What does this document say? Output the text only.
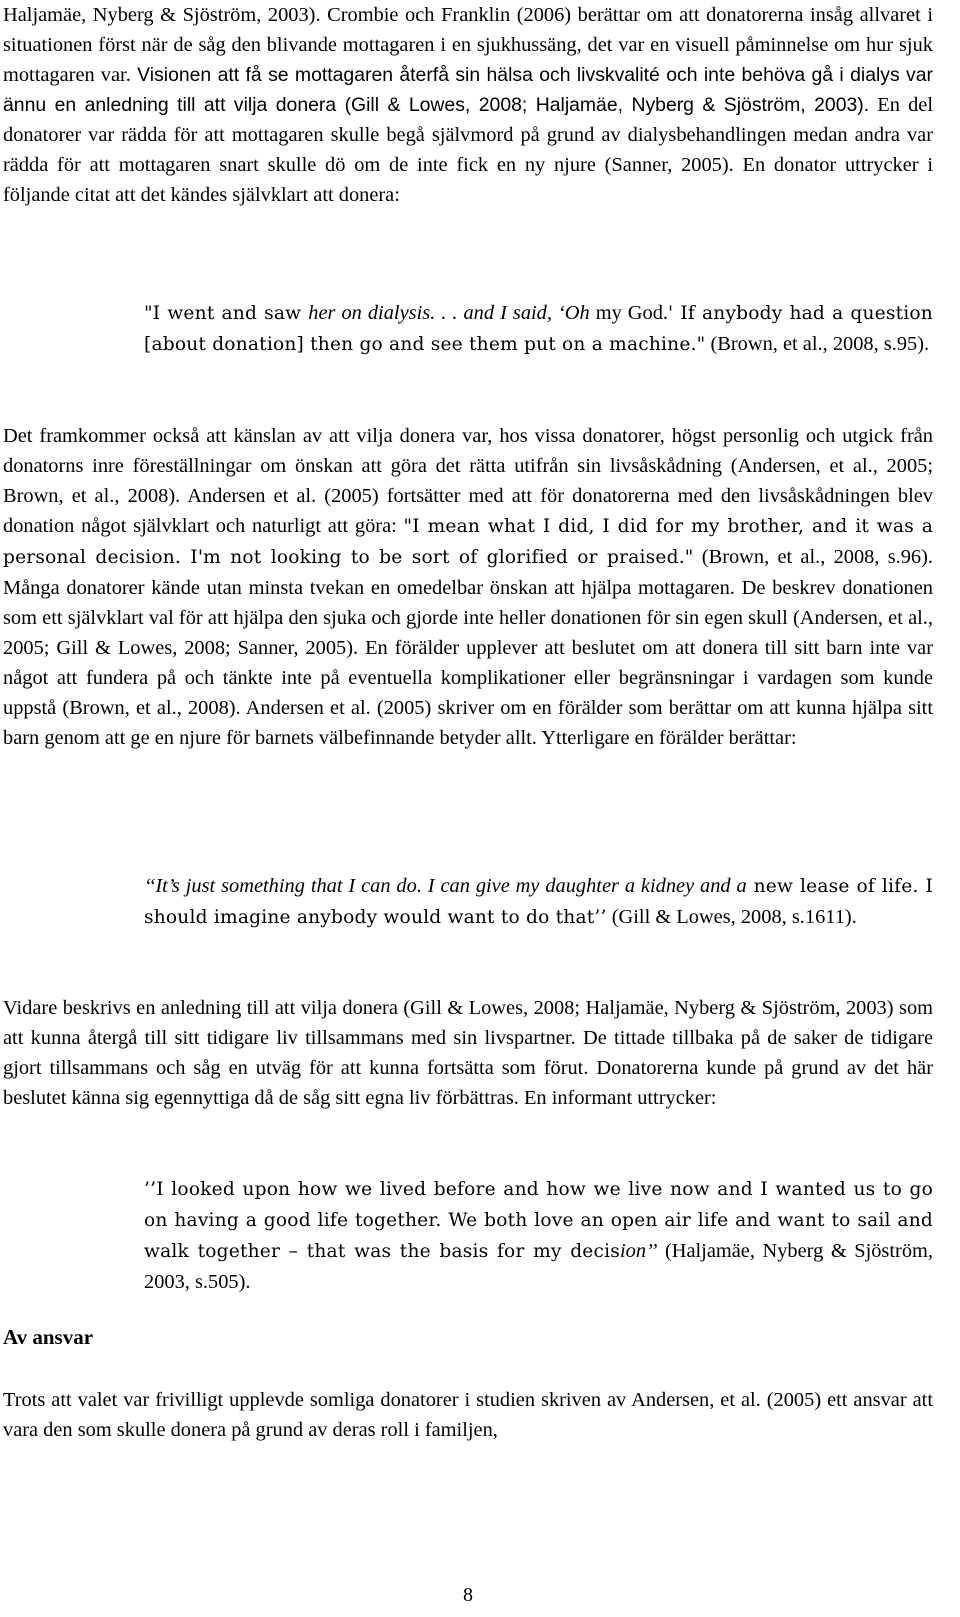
Haljamäe, Nyberg & Sjöström, 2003). Crombie och Franklin (2006) berättar om att donatorerna insåg allvaret i situationen först när de såg den blivande mottagaren i en sjukhussäng, det var en visuell påminnelse om hur sjuk mottagaren var. Visionen att få se mottagaren återfå sin hälsa och livskvalité och inte behöva gå i dialys var ännu en anledning till att vilja donera (Gill & Lowes, 2008; Haljamäe, Nyberg & Sjöström, 2003). En del donatorer var rädda för att mottagaren skulle begå självmord på grund av dialysbehandlingen medan andra var rädda för att mottagaren snart skulle dö om de inte fick en ny njure (Sanner, 2005). En donator uttrycker i följande citat att det kändes självklart att donera:

"I went and saw her on dialysis. . . and I said, ‘Oh my God.' If anybody had a question [about donation] then go and see them put on a machine." (Brown, et al., 2008, s.95).

Det framkommer också att känslan av att vilja donera var, hos vissa donatorer, högst personlig och utgick från donatorns inre föreställningar om önskan att göra det rätta utifrån sin livsåskådning (Andersen, et al., 2005; Brown, et al., 2008). Andersen et al. (2005) fortsätter med att för donatorerna med den livsåskådningen blev donation något självklart och naturligt att göra: "I mean what I did, I did for my brother, and it was a personal decision. I'm not looking to be sort of glorified or praised." (Brown, et al., 2008, s.96). Många donatorer kände utan minsta tvekan en omedelbar önskan att hjälpa mottagaren. De beskrev donationen som ett självklart val för att hjälpa den sjuka och gjorde inte heller donationen för sin egen skull (Andersen, et al., 2005; Gill & Lowes, 2008; Sanner, 2005). En förälder upplever att beslutet om att donera till sitt barn inte var något att fundera på och tänkte inte på eventuella komplikationer eller begränsningar i vardagen som kunde uppstå (Brown, et al., 2008). Andersen et al. (2005) skriver om en förälder som berättar om att kunna hjälpa sitt barn genom att ge en njure för barnets välbefinnande betyder allt. Ytterligare en förälder berättar:

‘‘It’s just something that I can do. I can give my daughter a kidney and a new lease of life. I should imagine anybody would want to do that’’ (Gill & Lowes, 2008, s.1611).

Vidare beskrivs en anledning till att vilja donera (Gill & Lowes, 2008; Haljamäe, Nyberg & Sjöström, 2003) som att kunna återgå till sitt tidigare liv tillsammans med sin livspartner. De tittade tillbaka på de saker de tidigare gjort tillsammans och såg en utväg för att kunna fortsätta som förut. Donatorerna kunde på grund av det här beslutet känna sig egennyttiga då de såg sitt egna liv förbättras. En informant uttrycker:

’’I looked upon how we lived before and how we live now and I wanted us to go on having a good life together. We both love an open air life and want to sail and walk together – that was the basis for my decision’’ (Haljamäe, Nyberg & Sjöström, 2003, s.505).

Av ansvar

Trots att valet var frivilligt upplevde somliga donatorer i studien skriven av Andersen, et al. (2005) ett ansvar att vara den som skulle donera på grund av deras roll i familjen,

8
